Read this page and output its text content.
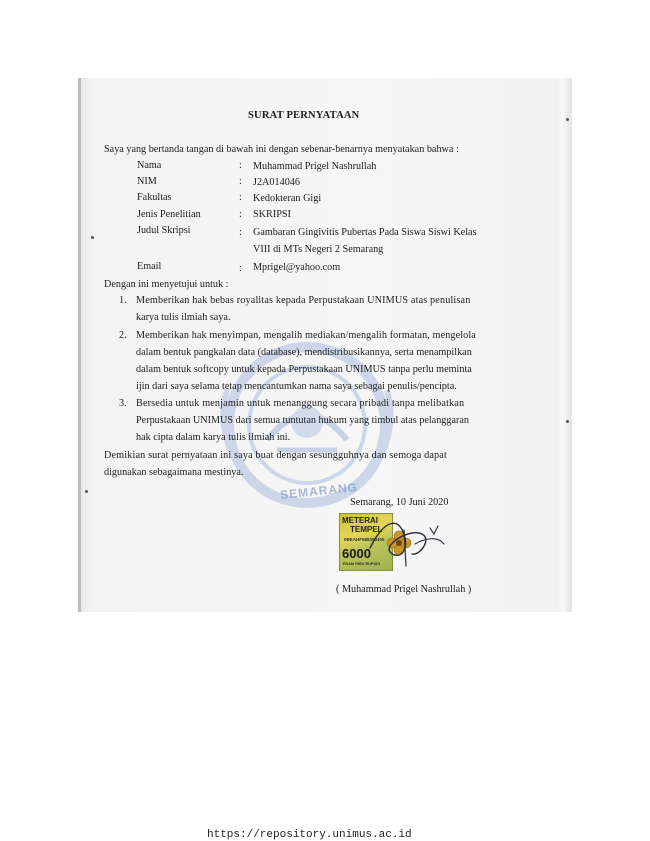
SEMARANG
SURAT PERNYATAAN
Saya yang bertanda tangan di bawah ini dengan sebenar-benarnya menyatakan bahwa :
Nama	: Muhammad Prigel Nashrullah
NIM	: J2A014046
Fakultas	: Kedokteran Gigi
Jenis Penelitian	: SKRIPSI
Judul Skripsi	: Gambaran Gingivitis Pubertas Pada Siswa Siswi Kelas
VIII di MTs Negeri 2 Semarang
Email	: Mprigel@yahoo.com
Dengan ini menyetujui untuk :
1. Memberikan hak bebas royalitas kepada Perpustakaan UNIMUS atas penulisan
karya tulis ilmiah saya.
2. Memberikan hak menyimpan, mengalih mediakan/mengalih formatan, mengelola
dalam bentuk pangkalan data (database), mendistribusikannya, serta menampilkan
dalam bentuk softcopy untuk kepada Perpustakaan UNIMUS tanpa perlu meminta
ijin dari saya selama tetap mencantumkan nama saya sebagai penulis/pencipta.
3. Bersedia untuk menjamin untuk menanggung secara pribadi tanpa melibatkan
Perpustakaan UNIMUS dari semua tuntutan hukum yang timbul atas pelanggaran
hak cipta dalam karya tulis ilmiah ini.
Demikian surat pernyataan ini saya buat dengan sesungguhnya dan semoga dapat
digunakan sebagaimana mestinya.
Semarang, 10 Juni 2020
METERAI
TEMPEL
0BEAHF588390405
6000
ENAM RIBU RUPIAH
( Muhammad Prigel Nashrullah )
https://repository.unimus.ac.id
